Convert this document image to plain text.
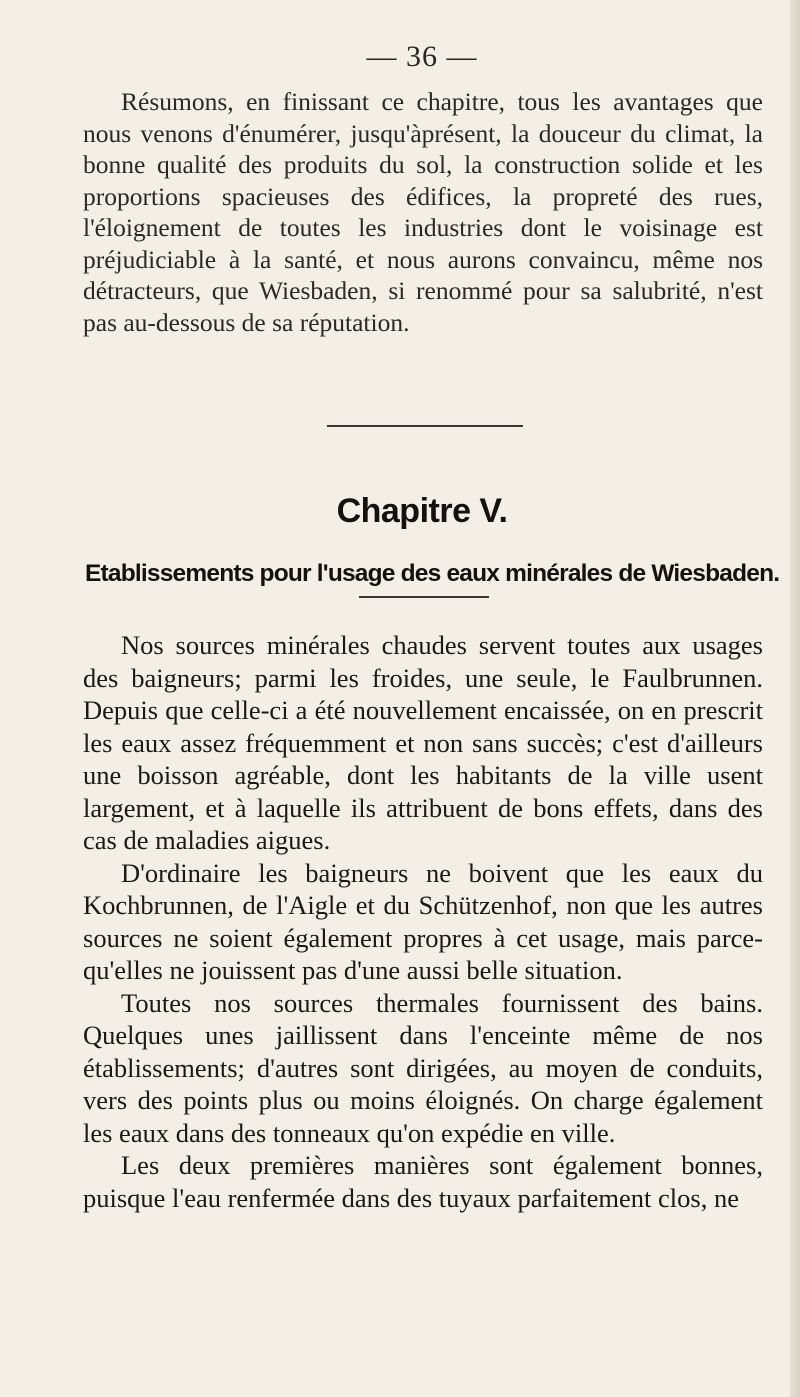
— 36 —

Résumons, en finissant ce chapitre, tous les avantages que nous venons d'énumérer, jusqu'àprésent, la douceur du climat, la bonne qualité des produits du sol, la construction solide et les proportions spacieuses des édifices, la propreté des rues, l'éloignement de toutes les industries dont le voisinage est préjudiciable à la santé, et nous aurons convaincu, même nos détracteurs, que Wiesbaden, si renommé pour sa salubrité, n'est pas au-dessous de sa réputation.

Chapitre V.
Etablissements pour l'usage des eaux minérales de Wiesbaden.

Nos sources minérales chaudes servent toutes aux usages des baigneurs; parmi les froides, une seule, le Faulbrunnen. Depuis que celle-ci a été nouvellement encaissée, on en prescrit les eaux assez fréquemment et non sans succès; c'est d'ailleurs une boisson agréable, dont les habitants de la ville usent largement, et à laquelle ils attribuent de bons effets, dans des cas de maladies aigues.

D'ordinaire les baigneurs ne boivent que les eaux du Kochbrunnen, de l'Aigle et du Schützenhof, non que les autres sources ne soient également propres à cet usage, mais parce-qu'elles ne jouissent pas d'une aussi belle situation.

Toutes nos sources thermales fournissent des bains. Quelques unes jaillissent dans l'enceinte même de nos établissements; d'autres sont dirigées, au moyen de conduits, vers des points plus ou moins éloignés. On charge également les eaux dans des tonneaux qu'on expédie en ville.

Les deux premières manières sont également bonnes, puisque l'eau renfermée dans des tuyaux parfaitement clos, ne
